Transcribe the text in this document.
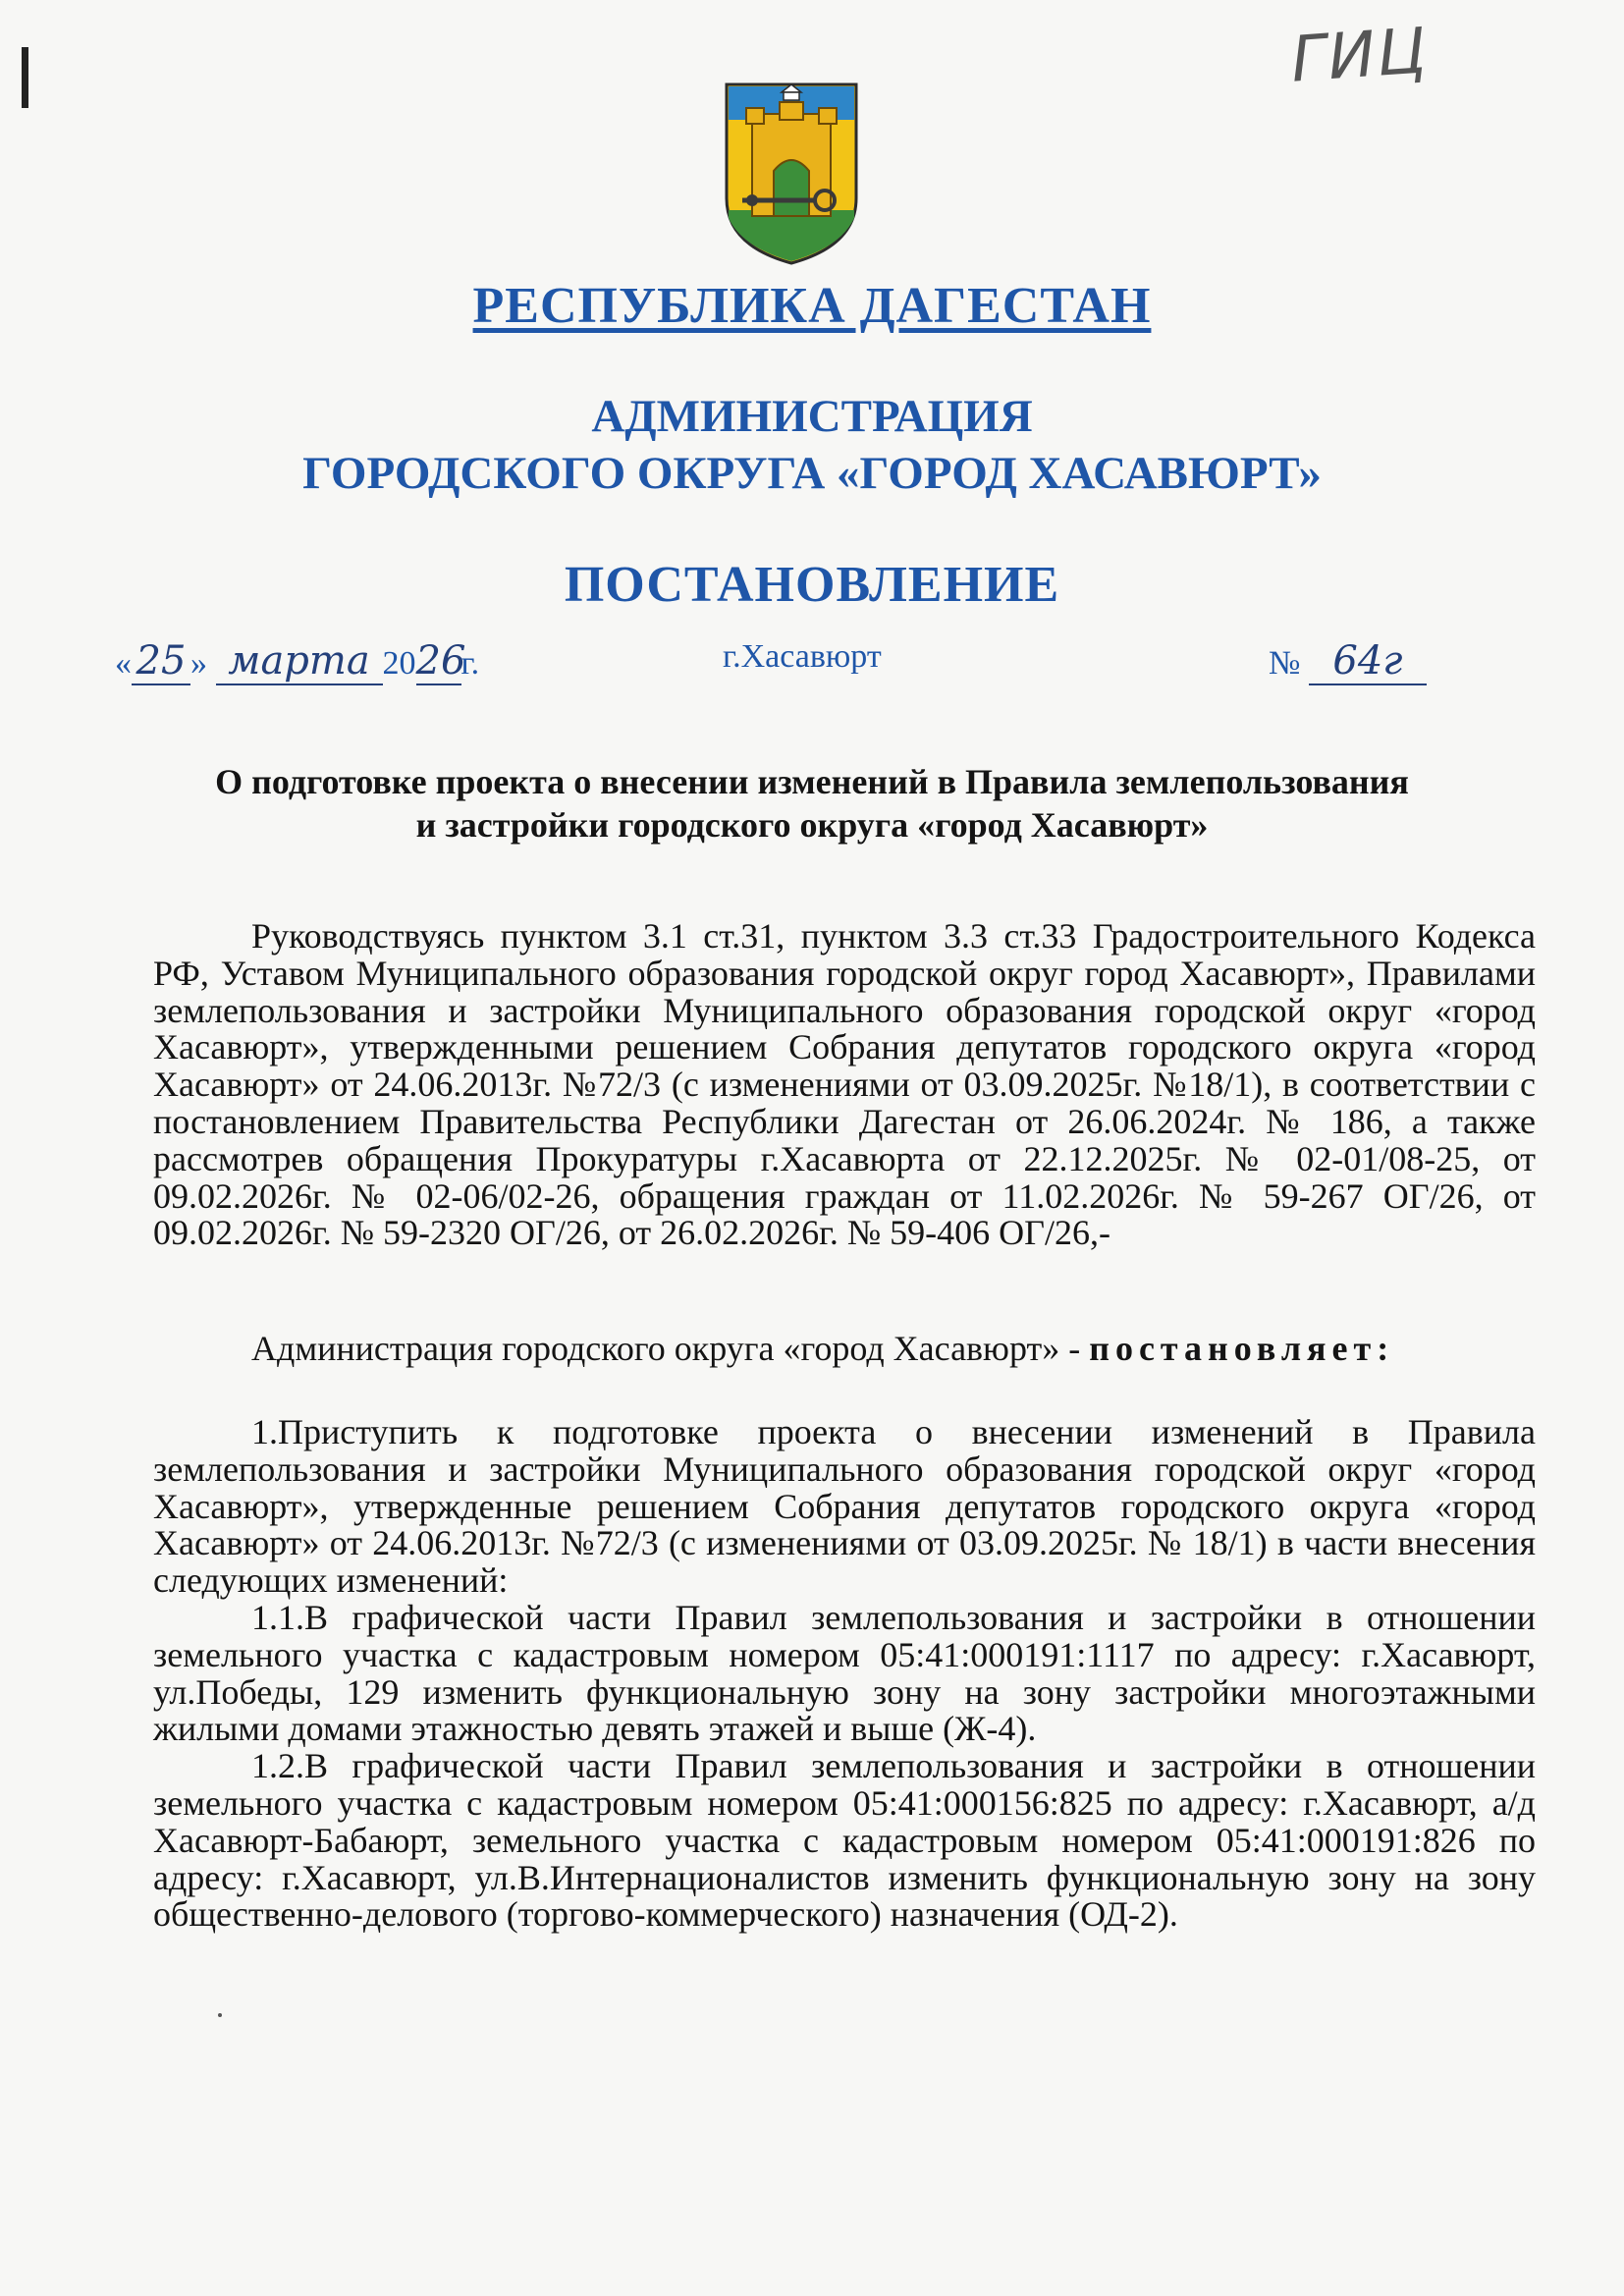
ГИЦ
РЕСПУБЛИКА ДАГЕСТАН
АДМИНИСТРАЦИЯ
ГОРОДСКОГО ОКРУГА «ГОРОД ХАСАВЮРТ»
ПОСТАНОВЛЕНИЕ
« 25 » марта 2026г.	г.Хасавюрт	№ 64г
О подготовке проекта о внесении изменений в Правила землепользования
и застройки городского округа «город Хасавюрт»

Руководствуясь пунктом 3.1 ст.31, пунктом 3.3 ст.33 Градостроительного Кодекса РФ, Уставом Муниципального образования городской округ город Хасавюрт», Правилами землепользования и застройки Муниципального образования городской округ «город Хасавюрт», утвержденными решением Собрания депутатов городского округа «город Хасавюрт» от 24.06.2013г. №72/3 (с изменениями от 03.09.2025г. №18/1), в соответствии с постановлением Правительства Республики Дагестан от 26.06.2024г. № 186, а также рассмотрев обращения Прокуратуры г.Хасавюрта от 22.12.2025г. № 02-01/08-25, от 09.02.2026г. № 02-06/02-26, обращения граждан от 11.02.2026г. № 59-267 ОГ/26, от 09.02.2026г. № 59-2320 ОГ/26, от 26.02.2026г. № 59-406 ОГ/26,-

Администрация городского округа «город Хасавюрт» - постановляет:

1.Приступить к подготовке проекта о внесении изменений в Правила землепользования и застройки Муниципального образования городской округ «город Хасавюрт», утвержденные решением Собрания депутатов городского округа «город Хасавюрт» от 24.06.2013г. №72/3 (с изменениями от 03.09.2025г. № 18/1) в части внесения следующих изменений:

1.1.В графической части Правил землепользования и застройки в отношении земельного участка с кадастровым номером 05:41:000191:1117 по адресу: г.Хасавюрт, ул.Победы, 129 изменить функциональную зону на зону застройки многоэтажными жилыми домами этажностью девять этажей и выше (Ж-4).

1.2.В графической части Правил землепользования и застройки в отношении земельного участка с кадастровым номером 05:41:000156:825 по адресу: г.Хасавюрт, а/д Хасавюрт-Бабаюрт, земельного участка с кадастровым номером 05:41:000191:826 по адресу: г.Хасавюрт, ул.В.Интернационалистов изменить функциональную зону на зону общественно-делового (торгово-коммерческого) назначения (ОД-2).
